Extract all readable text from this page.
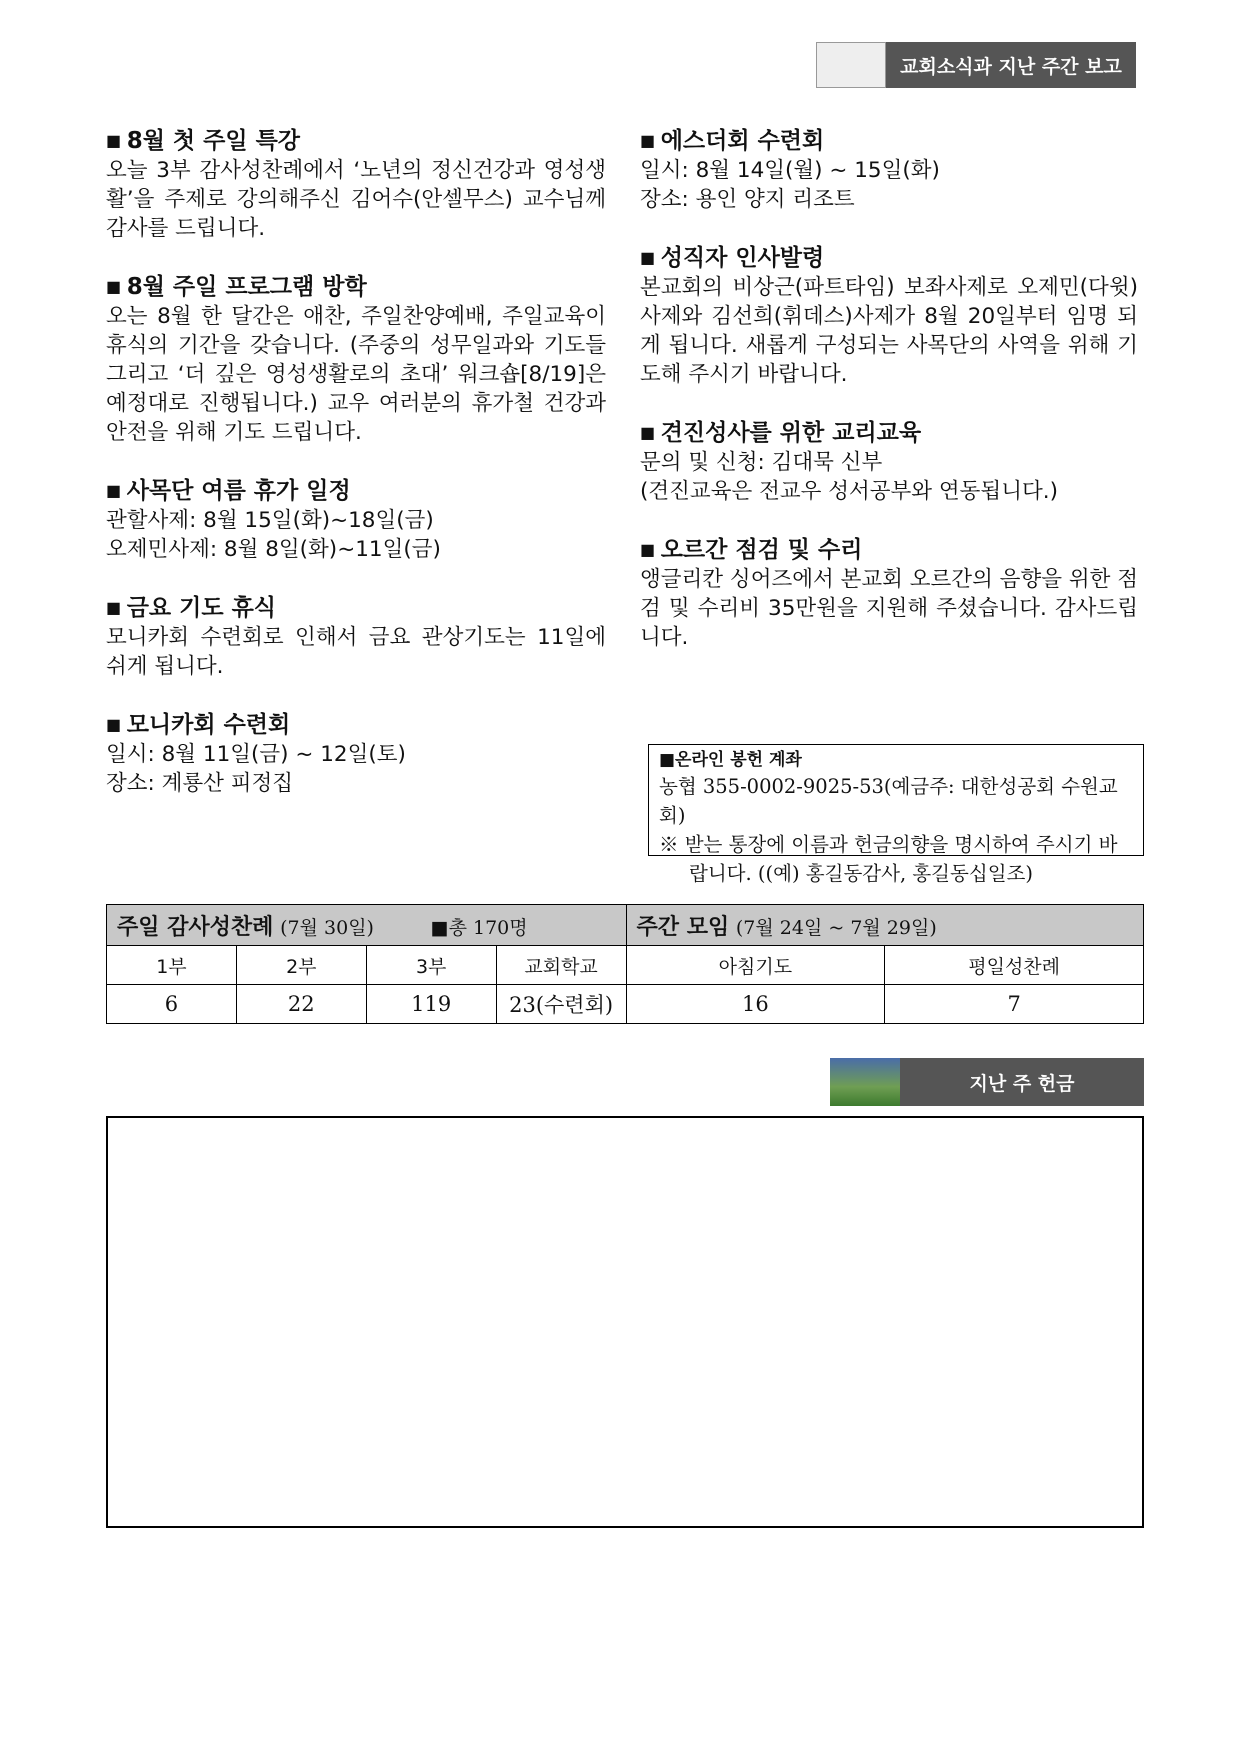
교회소식과 지난 주간 보고
■ 8월 첫 주일 특강

오늘 3부 감사성찬례에서 ‘노년의 정신건강과 영성생활’을 주제로 강의해주신 김어수(안셀무스) 교수님께 감사를 드립니다.

■ 8월 주일 프로그램 방학

오는 8월 한 달간은 애찬, 주일찬양예배, 주일교육이 휴식의 기간을 갖습니다. (주중의 성무일과와 기도들 그리고 ‘더 깊은 영성생활로의 초대’ 워크숍[8/19]은 예정대로 진행됩니다.) 교우 여러분의 휴가철 건강과 안전을 위해 기도 드립니다.

■ 사목단 여름 휴가 일정

관할사제: 8월 15일(화)~18일(금)

오제민사제: 8월 8일(화)~11일(금)

■ 금요 기도 휴식

모니카회 수련회로 인해서 금요 관상기도는 11일에 쉬게 됩니다.

■ 모니카회 수련회

일시: 8월 11일(금) ~ 12일(토)

장소: 계룡산 피정집

■ 에스더회 수련회

일시: 8월 14일(월) ~ 15일(화)

장소: 용인 양지 리조트

■ 성직자 인사발령

본교회의 비상근(파트타임) 보좌사제로 오제민(다윗)사제와 김선희(휘데스)사제가 8월 20일부터 임명 되게 됩니다. 새롭게 구성되는 사목단의 사역을 위해 기도해 주시기 바랍니다.

■ 견진성사를 위한 교리교육

문의 및 신청: 김대묵 신부

(견진교육은 전교우 성서공부와 연동됩니다.)

■ 오르간 점검 및 수리

앵글리칸 싱어즈에서 본교회 오르간의 음향을 위한 점검 및 수리비 35만원을 지원해 주셨습니다. 감사드립니다.

■온라인 봉헌 계좌
농협 355-0002-9025-53(예금주: 대한성공회 수원교회)
※ 받는 통장에 이름과 헌금의향을 명시하여 주시기 바랍니다. ((예) 홍길동감사, 홍길동십일조)
주일 감사성찬례 (7월 30일) ■총 170명				주간 모임 (7월 24일 ~ 7월 29일)	
1부	2부	3부	교회학교	아침기도	평일성찬례
6	22	119	23(수련회)	16	7
지난 주 헌금
